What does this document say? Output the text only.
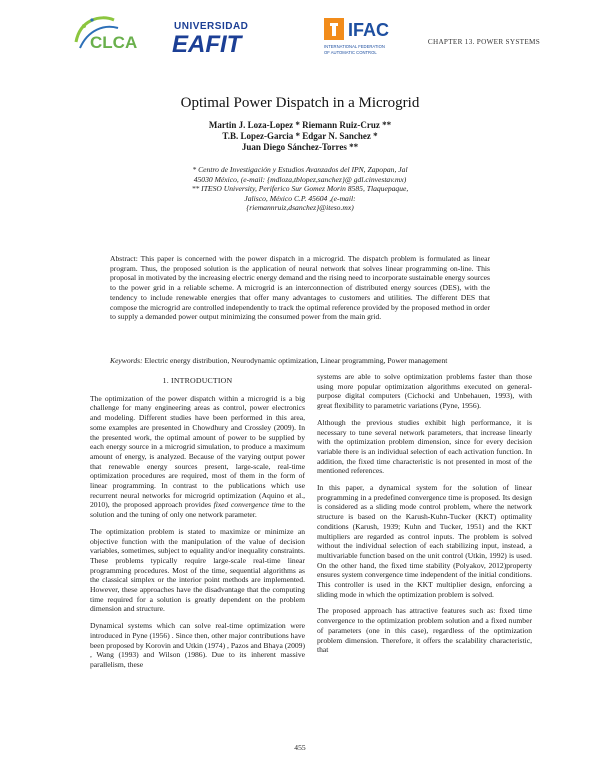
CLCA
UNIVERSIDAD
EAFIT
IFAC
INTERNATIONAL FEDERATION
OF AUTOMATIC CONTROL
CHAPTER 13. POWER SYSTEMS
Optimal Power Dispatch in a Microgrid
Martin J. Loza-Lopez * Riemann Ruiz-Cruz **
T.B. Lopez-Garcia * Edgar N. Sanchez *
Juan Diego Sánchez-Torres **
* Centro de Investigación y Estudios Avanzados del IPN, Zapopan, Jal
45030 México, (e-mail: {mdloza,tblopez,sanchez}@ gdl.cinvestav.mx)
** ITESO University, Periferico Sur Gomez Morin 8585, Tlaquepaque,
Jalisco, México C.P. 45604 ,(e-mail:
{riemannruiz,dsanchez}@iteso.mx)
Abstract: This paper is concerned with the power dispatch in a microgrid. The dispatch problem is formulated as linear program. Thus, the proposed solution is the application of neural network that solves linear programming on-line. This proposal in motivated by the increasing electric energy demand and the rising need to incorporate sustainable energy sources to the power grid in a reliable scheme. A microgrid is an interconnection of distributed energy sources (DES), with the tendency to include renewable energies that offer many advantages to customers and utilities. The different DES that compose the microgrid are controlled independently to track the optimal reference provided by the proposed method in order to supply a demanded power output minimizing the consumed power from the main grid.
Keywords: Electric energy distribution, Neurodynamic optimization, Linear programming, Power management
1. INTRODUCTION

The optimization of the power dispatch within a microgrid is a big challenge for many engineering areas as control, power electronics and modeling. Different studies have been performed in this area, some examples are presented in Chowdhury and Crossley (2009). In the presented work, the optimal amount of power to be supplied by each energy source in a microgrid simulation, to produce a maximum amount of energy, is analyzed. Because of the varying output power that renewable energy sources present, large-scale, real-time optimization procedures are required, most of them in the form of linear programming. In contrast to the publications which use recurrent neural networks for microgrid optimization (Aquino et al., 2010), the proposed approach provides fixed convergence time to the solution and the tuning of only one network parameter.

The optimization problem is stated to maximize or minimize an objective function with the manipulation of the value of decision variables, sometimes, subject to equality and/or inequality constraints. These problems typically require large-scale real-time linear programming procedures. Most of the time, sequential algorithms as the classical simplex or the interior point methods are implemented. However, these approaches have the disadvantage that the computing time required for a solution is greatly dependent on the problem dimension and structure.

Dynamical systems which can solve real-time optimization were introduced in Pyne (1956) . Since then, other major contributions have been proposed by Korovin and Utkin (1974) , Pazos and Bhaya (2009) , Wang (1993) and Wilson (1986). Due to its inherent massive parallelism, these

systems are able to solve optimization problems faster than those using more popular optimization algorithms executed on general-purpose digital computers (Cichocki and Unbehauen, 1993), with great flexibility to parametric variations (Pyne, 1956).

Although the previous studies exhibit high performance, it is necessary to tune several network parameters, that increase linearly with the optimization problem dimension, since for every decision variable there is an individual selection of each activation function. In addition, the fixed time characteristic is not presented in most of the mentioned references.

In this paper, a dynamical system for the solution of linear programming in a predefined convergence time is proposed. Its design is considered as a sliding mode control problem, where the network structure is based on the Karush-Kuhn-Tucker (KKT) optimality conditions (Karush, 1939; Kuhn and Tucker, 1951) and the KKT multipliers are regarded as control inputs. The problem is solved without the individual selection of each stabilizing input, instead, a multivariable function based on the unit control (Utkin, 1992) is used. On the other hand, the fixed time stability (Polyakov, 2012)property ensures system convergence time independent of the initial conditions. This controller is used in the KKT multiplier design, enforcing a sliding mode in which the optimization problem is solved.

The proposed approach has attractive features such as: fixed time convergence to the optimization problem solution and a fixed number of parameters (one in this case), regardless of the optimization problem dimension. Therefore, it offers the scalability characteristic, that

455
